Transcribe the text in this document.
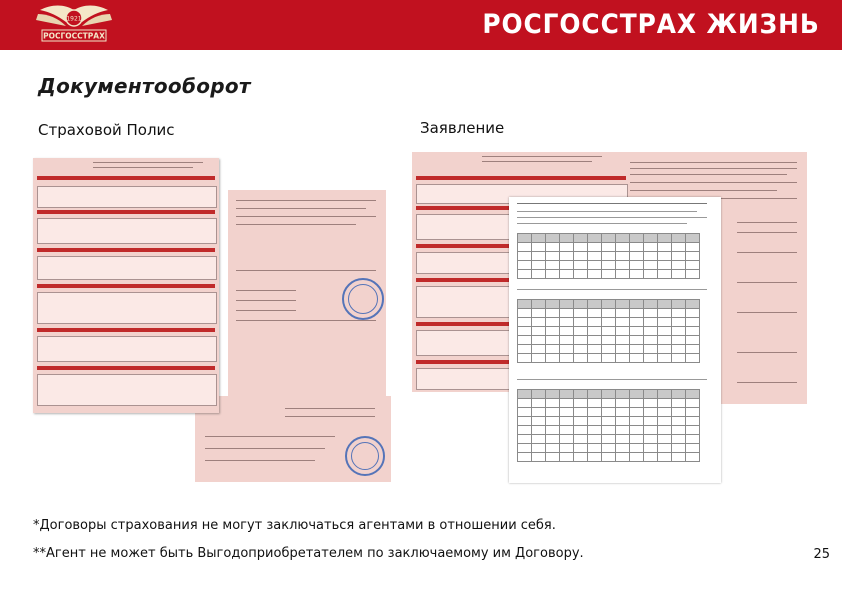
1921
РОСГОССТРАХ	РОСГОССТРАХ ЖИЗНЬ
Документооборот
Страховой Полис	Заявление

*Договоры страхования не могут заключаться агентами в отношении себя.
**Агент не может быть Выгодоприобретателем по заключаемому им Договору.	25
